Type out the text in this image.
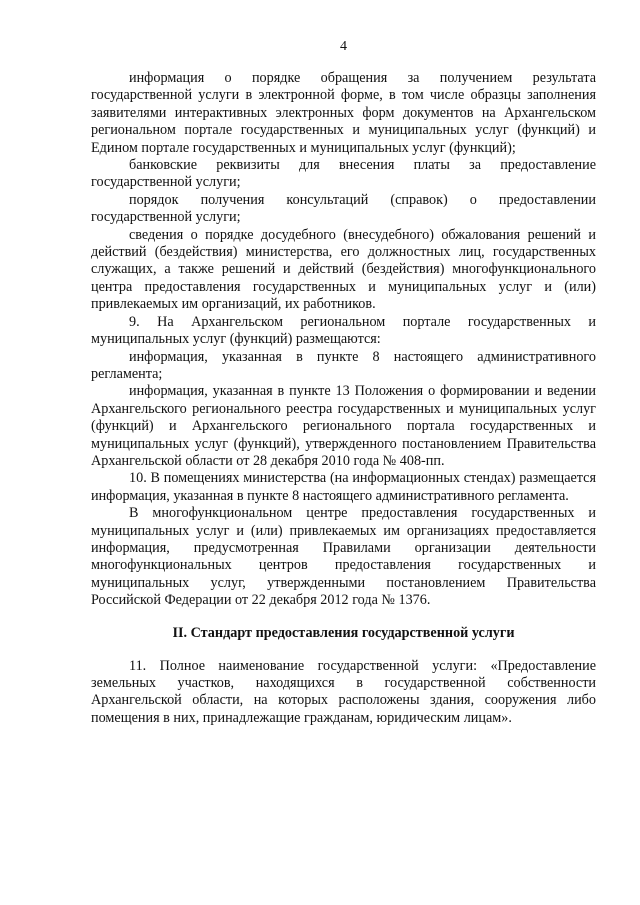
4

информация о порядке обращения за получением результата государственной услуги в электронной форме, в том числе образцы заполнения заявителями интерактивных электронных форм документов на Архангельском региональном портале государственных и муниципальных услуг (функций) и Едином портале государственных и муниципальных услуг (функций);

банковские реквизиты для внесения платы за предоставление государственной услуги;

порядок получения консультаций (справок) о предоставлении государственной услуги;

сведения о порядке досудебного (внесудебного) обжалования решений и действий (бездействия) министерства, его должностных лиц, государственных служащих, а также решений и действий (бездействия) многофункционального центра предоставления государственных и муниципальных услуг и (или) привлекаемых им организаций, их работников.

9. На Архангельском региональном портале государственных и муниципальных услуг (функций) размещаются:

информация, указанная в пункте 8 настоящего административного регламента;

информация, указанная в пункте 13 Положения о формировании и ведении Архангельского регионального реестра государственных и муниципальных услуг (функций) и Архангельского регионального портала государственных и муниципальных услуг (функций), утвержденного постановлением Правительства Архангельской области от 28 декабря 2010 года № 408-пп.

10. В помещениях министерства (на информационных стендах) размещается информация, указанная в пункте 8 настоящего административного регламента.

В многофункциональном центре предоставления государственных и муниципальных услуг и (или) привлекаемых им организациях предоставляется информация, предусмотренная Правилами организации деятельности многофункциональных центров предоставления государственных и муниципальных услуг, утвержденными постановлением Правительства Российской Федерации от 22 декабря 2012 года № 1376.

II. Стандарт предоставления государственной услуги

11. Полное наименование государственной услуги: «Предоставление земельных участков, находящихся в государственной собственности Архангельской области, на которых расположены здания, сооружения либо помещения в них, принадлежащие гражданам, юридическим лицам».
